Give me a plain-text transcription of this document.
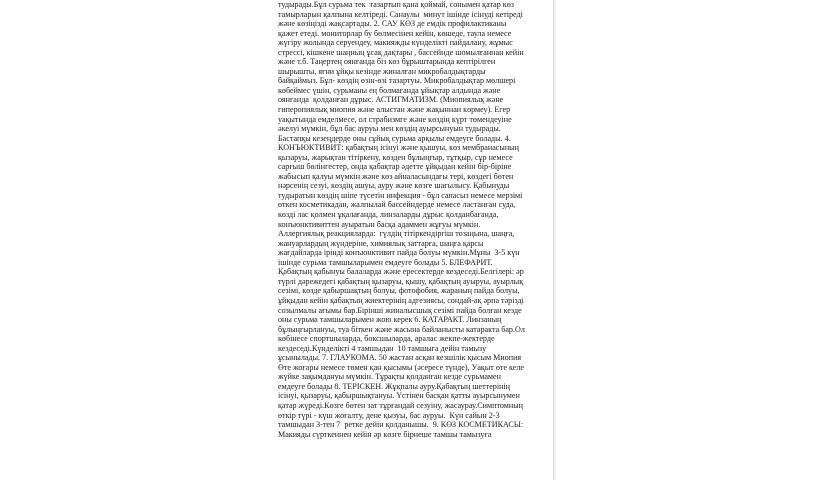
тудырады.Бұл сурьма тек  тазартып қана қоймай, сонымен қатар көз
тамырларын қалпына келтіреді. Санаулы  минут ішінде ісінуді кетіреді
және көзіңізді жақсартады. 2. САУ КӨЗ де емдік профилактиканы
қажет етеді. мониторлар бу бөлмесінен кейін, көшеде, таула немесе
жүгіру жолында серуендеу, макияжды күнделікті пайдалану, жұмыс
стрессі, кішкене шаңның ұсақ дақтары , бассейнде шомылғаннан кейін
және т.б. Таңертең оянғанда біз көз бұрыштарында кептірілген
шырышты, яғни ұйқы кезінде жиналған микробалдықтарды
байқаймыз. Бұл- көздің өзін-өзі тазартуы. Микробалдықтар мөлшері
көбеймес үшін, сурьманы ең болмағанда ұйықтар алдында және
оянғанда  қолданған дұрыс. АСТИГМАТИЗМ. (Миопиялық және
гиперопиялық миопия және алыстан және жақыннан көрмеу). Егер
уақытында емделмесе, ол страбизмге және көздің күрт төмендеуіне
әкелуі мүмкін, бұл бас ауруы мен көздің ауырсынуын тудырады.
Бастапқы кезеңдерде оны сұйық сурьма арқылы емдеуге болады. 4.
КОНЪЮКТИВИТ: қабақтың ісінуі және қышуы, көз мембранасының
қызаруы, жарықтан тітіркену, көзден бұлыңғыр, тұтқыр, сұр немесе
сарғыш бөлінгестер, онда қабақтар әдетте ұйқыдан кейін бір-біріне
жабысып қалуы мүмкін және көз айналасындағы тері, көздегі бөтен
нәрсенің сезуі, көздің ашуы, ауру және көзге шағылысу. Қабынуды
тудыратын көздің шіпе түсетін инфекция - бұл сапасыз немесе мерзімі
өткен косметикадан, жалпылай бассейндерде немесе ластанған суда,
көзді лас қолмен ұқалағанда, линзаларды дұрыс қолданбағанда,
конъюнктивиттен ауыратын басқа адаммен жұғуы мүмкін.
Аллергиялық реакцияларда:  гүлдің тітіркендіргіш тозаңына, шаңға,
жануарлардың жүндеріне, химиялық заттарға, шаңға қарсы
жағдайларда ірінді конъюнктивит пайда болуы мүмкін.Мұны  3-5 күн
ішінде сурьма тамшыларымен емдеуге болады 5. БЛЕФАРИТ.
Қабақтың қабынуы балаларда және ересектерде кездеседі.Белгілері: әр
түрлі дәрежедегі қабақтың қызаруы, қышу, қабақтың ауыруы, ауырлық
сезімі, көзде қабыршақтың болуы, фотофобия, жараның пайда болуы,
ұйқыдан кейін қабақтың жиектерінің адгезиясы, сондай-ақ әрпа тәрізді
созылмалы ағымы бар.Бірінші жиналысшық сезімі пайда болған кезде
оны сурьма тамшыларымен жою керек 6. КАТАРАКТ. Линзаның
бұлыңғырлануы, туа біткен және жасына байланысты катаракта бар.Ол
көбінесе спортшыларда, боксшыларда, аралас жекпе-жектерде
кездеседі.Күнделікті 4 тамшыдан  10 тамшыға дейін тамызу
ұсынылады. 7. ГЛАУКОМА. 50 жастан асқан кезшілік қысым Миопия
Өте жоғары немесе төмен қан қысымы (әсересе түнде), Уақыт өте келе
жүйке зақымдануы мүмкін. Тұрақты қолданған кезде сурьмамен
емдеуге болады 8. ТЕРІСКЕН. Жұқпалы ауру.Қабақтың шеттерінің
ісінуі, қызаруы, қабыршықтануы. Үстінен басқан қатты ауырсынумен
қатар жүреді.Көзге бөтен зат тұрғандай сезуіну, жасаурау.Симптомның
өткір түрі - күш жоғалту, дене қызуы, бас ауруы.  Күн сайын 2-3
тамшыдан 3-тен 7  ретке дейін қолданышы.  9. КӨЗ КОСМЕТИКАСЫ:
Макияды сүрткеннен кейін әр көзге бірнеше тамшы тамызуға
